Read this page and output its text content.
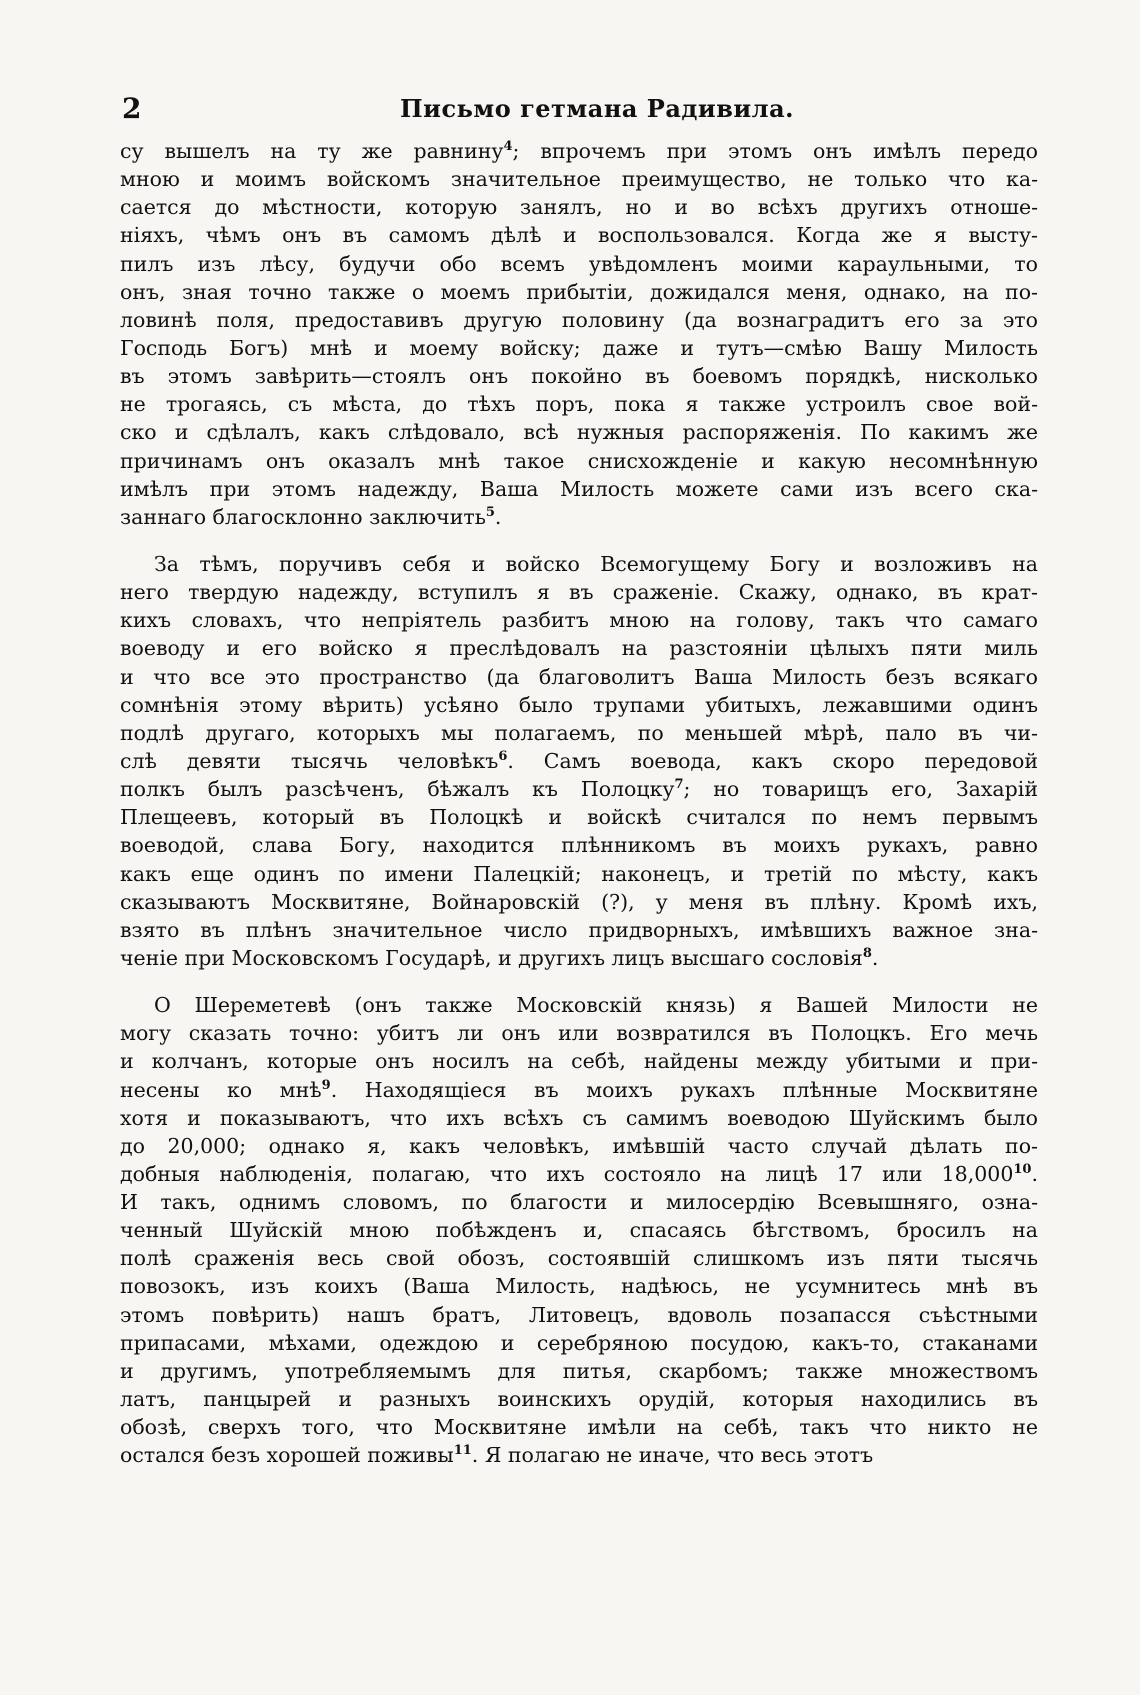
2	Письмо гетмана Радивила.
су вышелъ на ту же равнину$^4$; впрочемъ при этомъ онъ имѣлъ передо
мною и моимъ войскомъ значительное преимущество, не только что ка-
сается до мѣстности, которую занялъ, но и во всѣхъ другихъ отноше-
ніяхъ, чѣмъ онъ въ самомъ дѣлѣ и воспользовался. Когда же я высту-
пилъ изъ лѣсу, будучи обо всемъ увѣдомленъ моими караульными, то
онъ, зная точно также о моемъ прибытіи, дожидался меня, однако, на по-
ловинѣ поля, предоставивъ другую половину (да вознаградитъ его за это
Господь Богъ) мнѣ и моему войску; даже и тутъ—смѣю Вашу Милость
въ этомъ завѣрить—стоялъ онъ покойно въ боевомъ порядкѣ, нисколько
не трогаясь, съ мѣста, до тѣхъ поръ, пока я также устроилъ свое вой-
ско и сдѣлалъ, какъ слѣдовало, всѣ нужныя распоряженія. По какимъ же
причинамъ онъ оказалъ мнѣ такое снисхожденіе и какую несомнѣнную
имѣлъ при этомъ надежду, Ваша Милость можете сами изъ всего ска-
заннаго благосклонно заключить$^5$.
За тѣмъ, поручивъ себя и войско Всемогущему Богу и возложивъ на
него твердую надежду, вступилъ я въ сраженіе. Скажу, однако, въ крат-
кихъ словахъ, что непріятель разбитъ мною на голову, такъ что самаго
воеводу и его войско я преслѣдовалъ на разстояніи цѣлыхъ пяти миль
и что все это пространство (да благоволитъ Ваша Милость безъ всякаго
сомнѣнія этому вѣрить) усѣяно было трупами убитыхъ, лежавшими одинъ
подлѣ другаго, которыхъ мы полагаемъ, по меньшей мѣрѣ, пало въ чи-
слѣ девяти тысячь человѣкъ$^6$. Самъ воевода, какъ скоро передовой
полкъ былъ разсѣченъ, бѣжалъ къ Полоцку$^7$; но товарищъ его, Захарій
Плещеевъ, который въ Полоцкѣ и войскѣ считался по немъ первымъ
воеводой, слава Богу, находится плѣнникомъ въ моихъ рукахъ, равно
какъ еще одинъ по имени Палецкій; наконецъ, и третій по мѣсту, какъ
сказываютъ Москвитяне, Войнаровскій (?), у меня въ плѣну. Кромѣ ихъ,
взято въ плѣнъ значительное число придворныхъ, имѣвшихъ важное зна-
ченіе при Московскомъ Государѣ, и другихъ лицъ высшаго сословія$^8$.
О Шереметевѣ (онъ также Московскій князь) я Вашей Милости не
могу сказать точно: убитъ ли онъ или возвратился въ Полоцкъ. Его мечь
и колчанъ, которые онъ носилъ на себѣ, найдены между убитыми и при-
несены ко мнѣ$^9$. Находящіеся въ моихъ рукахъ плѣнные Москвитяне
хотя и показываютъ, что ихъ всѣхъ съ самимъ воеводою Шуйскимъ было
до 20,000; однако я, какъ человѣкъ, имѣвшій часто случай дѣлать по-
добныя наблюденія, полагаю, что ихъ состояло на лицѣ 17 или 18,000$^{10}$.
И такъ, однимъ словомъ, по благости и милосердію Всевышняго, озна-
ченный Шуйскій мною побѣжденъ и, спасаясь бѣгствомъ, бросилъ на
полѣ сраженія весь свой обозъ, состоявшій слишкомъ изъ пяти тысячь
повозокъ, изъ коихъ (Ваша Милость, надѣюсь, не усумнитесь мнѣ въ
этомъ повѣрить) нашъ братъ, Литовецъ, вдоволь позапасся съѣстными
припасами, мѣхами, одеждою и серебряною посудою, какъ-то, стаканами
и другимъ, употребляемымъ для питья, скарбомъ; также множествомъ
латъ, панцырей и разныхъ воинскихъ орудій, которыя находились въ
обозѣ, сверхъ того, что Москвитяне имѣли на себѣ, такъ что никто не
остался безъ хорошей поживы$^{11}$. Я полагаю не иначе, что весь этотъ
